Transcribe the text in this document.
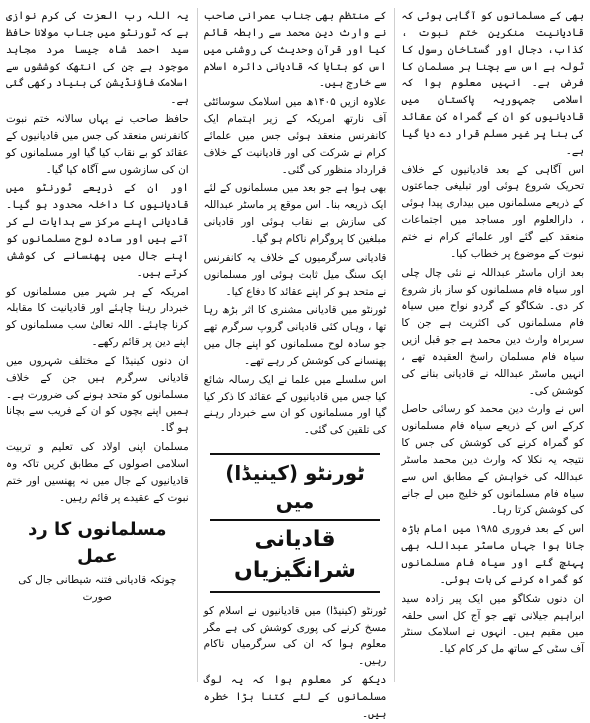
بھی کے مسلمانوں کو آگاہی ہوئی کہ قادیانیت منکرین ختم نبوت ، کذاب، دجال اور گستاخان رسول کا ٹولہ ہے اس سے بچنا ہر مسلمان کا فرض ہے۔ انہیں معلوم ہوا کہ اسلامی جمہوریہ پاکستان میں قادیانیوں کو ان کے گمراہ کن عقائد کی بنا پر غیر مسلم قرار دے دیا گیا ہے۔

اس آگاہی کے بعد قادیانیوں کے خلاف تحریک شروع ہوئی اور تبلیغی جماعتوں کے ذریعے مسلمانوں میں بیداری پیدا ہوئی ، دارالعلوم اور مساجد میں اجتماعات منعقد کیے گئے اور علمائے کرام نے ختم نبوت کے موضوع پر خطاب کیا۔

بعد ازاں ماسٹر عبداللہ نے نئی چال چلی اور سیاہ فام مسلمانوں کو ساز باز شروع کر دی۔ شکاگو کے گردو نواح میں سیاہ فام مسلمانوں کی اکثریت ہے جن کا سربراہ وارث دین محمد ہے جو قبل ازیں سیاہ فام مسلمان راسخ العقیدہ تھے ، انہیں ماسٹر عبداللہ نے قادیانی بنانے کی کوشش کی۔

اس نے وارث دین محمد کو رسائی حاصل کرکے اس کے ذریعے سیاہ فام مسلمانوں کو گمراہ کرنے کی کوشش کی جس کا نتیجہ یہ نکلا کہ وارث دین محمد ماسٹر عبداللہ کی خواہش کے مطابق اس سے سیاہ فام مسلمانوں کو خلیج میں لے جانے کی کوشش کرتا رہا۔

اس کے بعد فروری ۱۹۸۵ میں امام باڑہ جانا ہوا جہاں ماسٹر عبداللہ بھی پہنچ گئے اور سیاہ فام مسلمانوں کو گمراہ کرنے کی بات ہوئی۔

ان دنوں شکاگو میں ایک پیر زادہ سید ابراہیم جیلانی تھے جو آج کل اسی حلقہ میں مقیم ہیں۔ انہوں نے اسلامک سنٹر آف سٹی کے ساتھ مل کر کام کیا۔

کے منتظم بھی جناب عمرانی صاحب نے وارث دین محمد سے رابطہ قائم کیا اور قرآن وحدیث کی روشنی میں اس کو بتایا کہ قادیانی دائرہ اسلام سے خارج ہیں۔

علاوہ ازیں ۱۴۰۵ھ میں اسلامک سوسائٹی آف نارتھ امریکہ کے زیر اہتمام ایک کانفرنس منعقد ہوئی جس میں علمائے کرام نے شرکت کی اور قادیانیت کے خلاف قرارداد منظور کی گئی۔

بھی ہوا ہے جو بعد میں مسلمانوں کے لئے ایک ذریعہ بنا۔ اس موقع پر ماسٹر عبداللہ کی سازش بے نقاب ہوئی اور قادیانی مبلغین کا پروگرام ناکام ہو گیا۔

قادیانی سرگرمیوں کے خلاف یہ کانفرنس ایک سنگ میل ثابت ہوئی اور مسلمانوں نے متحد ہو کر اپنے عقائد کا دفاع کیا۔

ٹورنٹو میں قادیانی مشنری کا اثر بڑھ رہا تھا ، وہاں کئی قادیانی گروپ سرگرم تھے جو سادہ لوح مسلمانوں کو اپنے جال میں پھنسانے کی کوشش کر رہے تھے۔

اس سلسلے میں علما نے ایک رسالہ شائع کیا جس میں قادیانیوں کے عقائد کا ذکر کیا گیا اور مسلمانوں کو ان سے خبردار رہنے کی تلقین کی گئی۔

ٹورنٹو (کینیڈا) میں
قادیانی شرانگیزیاں

ٹورنٹو (کینیڈا) میں قادیانیوں نے اسلام کو مسخ کرنے کی پوری کوشش کی ہے مگر معلوم ہوا کہ ان کی سرگرمیاں ناکام رہیں۔

دیکھ کر معلوم ہوا کہ یہ لوگ مسلمانوں کے لئے کتنا بڑا خطرہ ہیں۔

یہ اللہ رب العزت کی کرم نوازی ہے کہ ٹورنٹو میں جناب مولانا حافظ سید احمد شاہ جیسا مرد مجاہد موجود ہے جن کی انتھک کوششوں سے اسلامک فاؤنڈیشن کی بنیاد رکھی گئی ہے۔

حافظ صاحب نے یہاں سالانہ ختم نبوت کانفرنس منعقد کی جس میں قادیانیوں کے عقائد کو بے نقاب کیا گیا اور مسلمانوں کو ان کی سازشوں سے آگاہ کیا گیا۔

اور ان کے ذریعے ٹورنٹو میں قادیانیوں کا داخلہ محدود ہو گیا۔ قادیانی اپنے مرکز سے ہدایات لے کر آتے ہیں اور سادہ لوح مسلمانوں کو اپنے جال میں پھنسانے کی کوشش کرتے ہیں۔

امریکہ کے ہر شہر میں مسلمانوں کو خبردار رہنا چاہئے اور قادیانیت کا مقابلہ کرنا چاہئے۔ اللہ تعالیٰ سب مسلمانوں کو اپنے دین پر قائم رکھے۔

ان دنوں کینیڈا کے مختلف شہروں میں قادیانی سرگرم ہیں جن کے خلاف مسلمانوں کو متحد ہونے کی ضرورت ہے۔ ہمیں اپنے بچوں کو ان کے فریب سے بچانا ہو گا۔

مسلمان اپنی اولاد کی تعلیم و تربیت اسلامی اصولوں کے مطابق کریں تاکہ وہ قادیانیوں کے جال میں نہ پھنسیں اور ختم نبوت کے عقیدے پر قائم رہیں۔

مسلمانوں کا رد عمل
چونکہ قادیانی فتنہ شیطانی جال کی صورت
